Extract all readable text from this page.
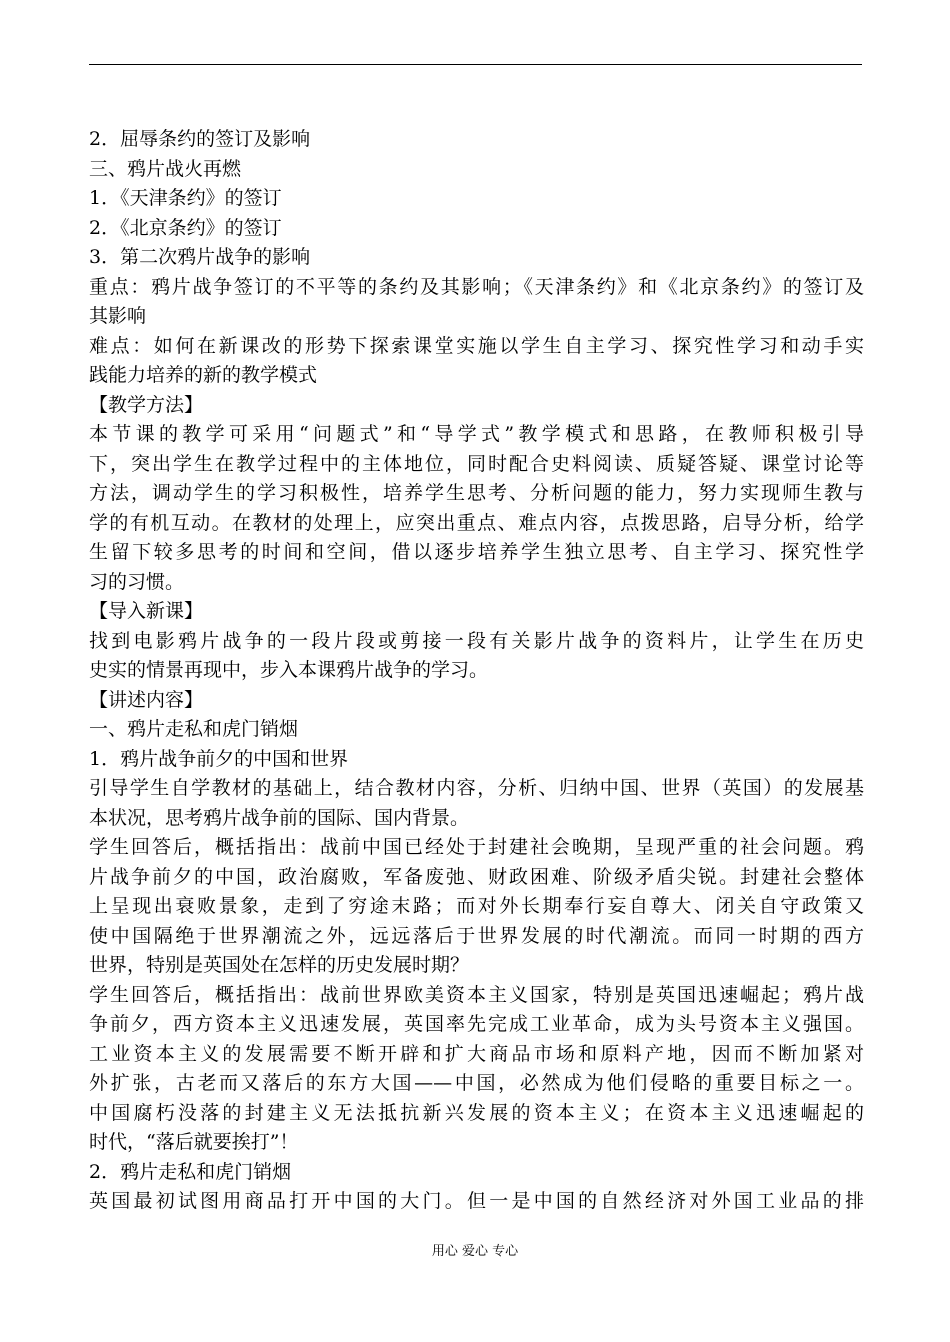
2．屈辱条约的签订及影响
三、鸦片战火再燃
1．《天津条约》的签订
2．《北京条约》的签订
3．第二次鸦片战争的影响
重点：鸦片战争签订的不平等的条约及其影响；《天津条约》和《北京条约》的签订及
其影响
难点：如何在新课改的形势下探索课堂实施以学生自主学习、探究性学习和动手实
践能力培养的新的教学模式
【教学方法】
本节课的教学可采用“问题式”和“导学式”教学模式和思路，在教师积极引导
下，突出学生在教学过程中的主体地位，同时配合史料阅读、质疑答疑、课堂讨论等
方法，调动学生的学习积极性，培养学生思考、分析问题的能力，努力实现师生教与
学的有机互动。在教材的处理上，应突出重点、难点内容，点拨思路，启导分析，给学
生留下较多思考的时间和空间，借以逐步培养学生独立思考、自主学习、探究性学
习的习惯。
【导入新课】
找到电影鸦片战争的一段片段或剪接一段有关影片战争的资料片，让学生在历史
史实的情景再现中，步入本课鸦片战争的学习。
【讲述内容】
一、鸦片走私和虎门销烟
1．鸦片战争前夕的中国和世界
引导学生自学教材的基础上，结合教材内容，分析、归纳中国、世界（英国）的发展基
本状况，思考鸦片战争前的国际、国内背景。
学生回答后，概括指出：战前中国已经处于封建社会晚期，呈现严重的社会问题。鸦
片战争前夕的中国，政治腐败，军备废弛、财政困难、阶级矛盾尖锐。封建社会整体
上呈现出衰败景象，走到了穷途末路；而对外长期奉行妄自尊大、闭关自守政策又
使中国隔绝于世界潮流之外，远远落后于世界发展的时代潮流。而同一时期的西方
世界，特别是英国处在怎样的历史发展时期？
学生回答后，概括指出：战前世界欧美资本主义国家，特别是英国迅速崛起；鸦片战
争前夕，西方资本主义迅速发展，英国率先完成工业革命，成为头号资本主义强国。
工业资本主义的发展需要不断开辟和扩大商品市场和原料产地，因而不断加紧对
外扩张，古老而又落后的东方大国——中国，必然成为他们侵略的重要目标之一。
中国腐朽没落的封建主义无法抵抗新兴发展的资本主义；在资本主义迅速崛起的
时代，“落后就要挨打”！
2．鸦片走私和虎门销烟
英国最初试图用商品打开中国的大门。但一是中国的自然经济对外国工业品的排
用心 爱心 专心
